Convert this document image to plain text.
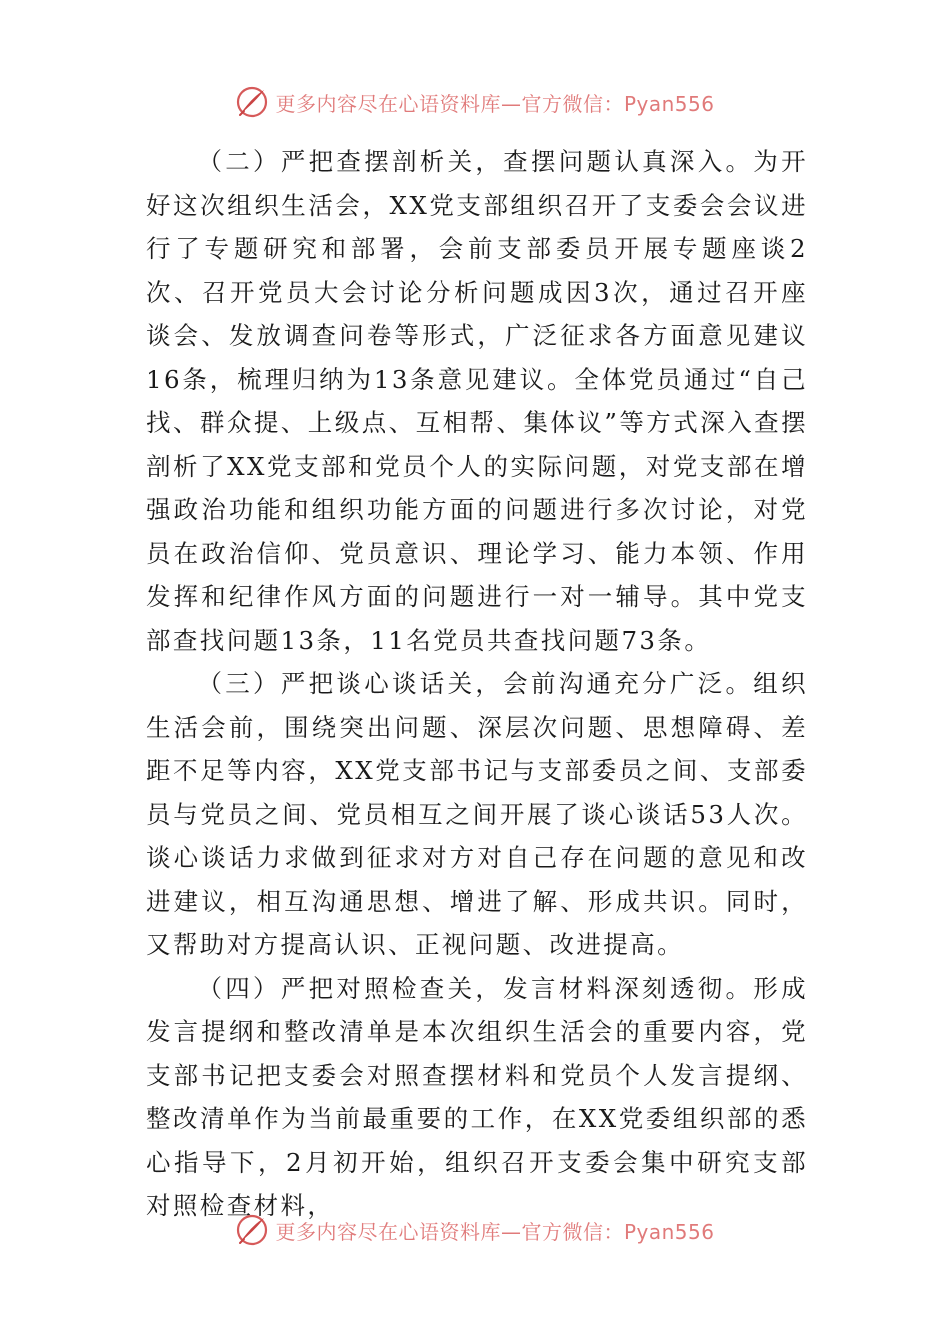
更多内容尽在心语资料库—官方微信：Pyan556

（二）严把查摆剖析关，查摆问题认真深入。为开好这次组织生活会，XX党支部组织召开了支委会会议进行了专题研究和部署，会前支部委员开展专题座谈2次、召开党员大会讨论分析问题成因3次，通过召开座谈会、发放调查问卷等形式，广泛征求各方面意见建议16条，梳理归纳为13条意见建议。全体党员通过“自己找、群众提、上级点、互相帮、集体议”等方式深入查摆剖析了XX党支部和党员个人的实际问题，对党支部在增强政治功能和组织功能方面的问题进行多次讨论，对党员在政治信仰、党员意识、理论学习、能力本领、作用发挥和纪律作风方面的问题进行一对一辅导。其中党支部查找问题13条，11名党员共查找问题73条。

（三）严把谈心谈话关，会前沟通充分广泛。组织生活会前，围绕突出问题、深层次问题、思想障碍、差距不足等内容，XX党支部书记与支部委员之间、支部委员与党员之间、党员相互之间开展了谈心谈话53人次。谈心谈话力求做到征求对方对自己存在问题的意见和改进建议，相互沟通思想、增进了解、形成共识。同时，又帮助对方提高认识、正视问题、改进提高。

（四）严把对照检查关，发言材料深刻透彻。形成发言提纲和整改清单是本次组织生活会的重要内容，党支部书记把支委会对照查摆材料和党员个人发言提纲、整改清单作为当前最重要的工作，在XX党委组织部的悉心指导下，2月初开始，组织召开支委会集中研究支部对照检查材料，

更多内容尽在心语资料库—官方微信：Pyan556
